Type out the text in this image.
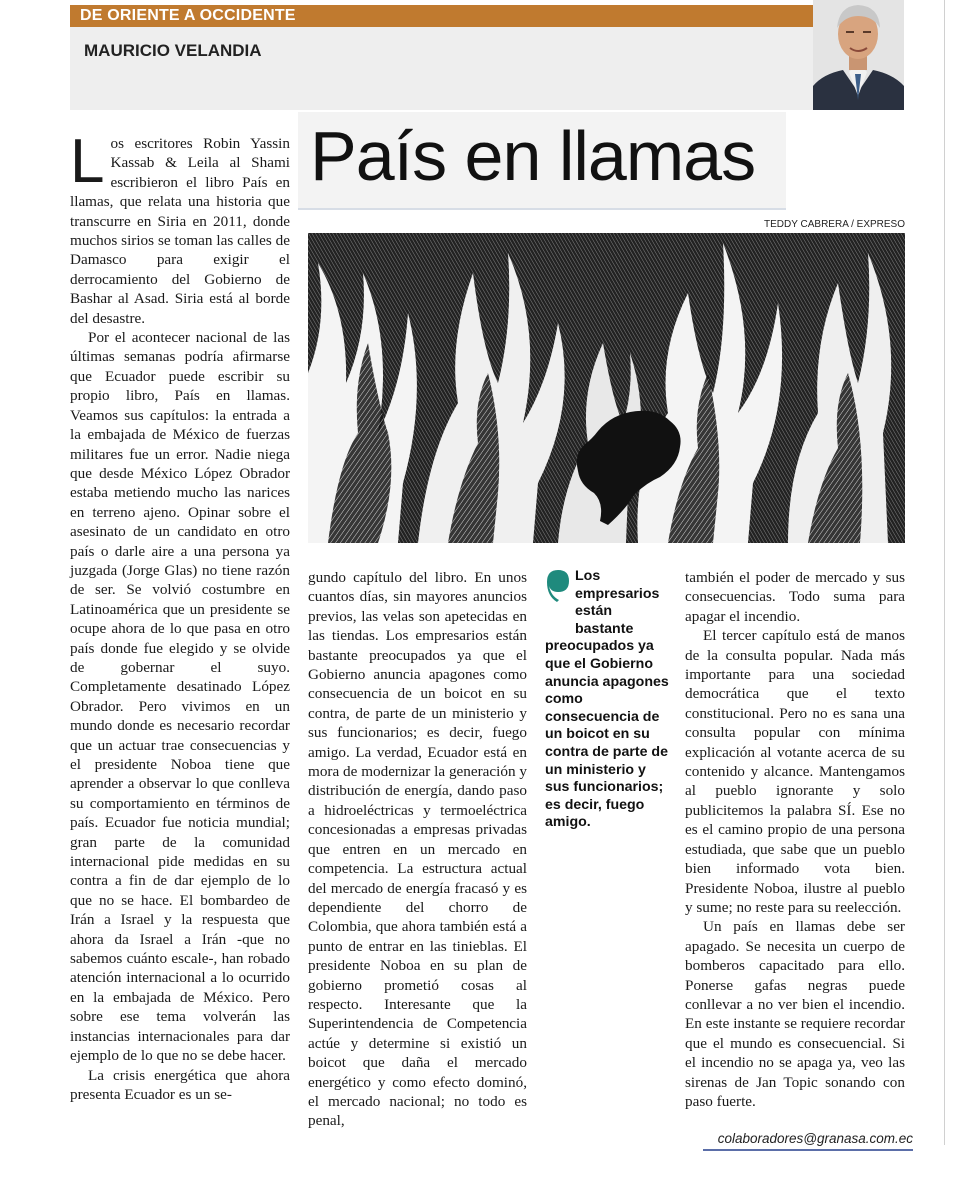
DE ORIENTE A OCCIDENTE
MAURICIO VELANDIA
País en llamas
TEDDY CABRERA / EXPRESO

Los escritores Robin Yassin Kassab & Leila al Shami escribieron el libro País en llamas, que relata una historia que transcurre en Siria en 2011, donde muchos sirios se toman las calles de Damasco para exigir el derrocamiento del Gobierno de Bashar al Asad. Siria está al borde del desastre.

Por el acontecer nacional de las últimas semanas podría afirmarse que Ecuador puede escribir su propio libro, País en llamas. Veamos sus capítulos: la entrada a la embajada de México de fuerzas militares fue un error. Nadie niega que desde México López Obrador estaba metiendo mucho las narices en terreno ajeno. Opinar sobre el asesinato de un candidato en otro país o darle aire a una persona ya juzgada (Jorge Glas) no tiene razón de ser. Se volvió costumbre en Latinoamérica que un presidente se ocupe ahora de lo que pasa en otro país donde fue elegido y se olvide de gobernar el suyo. Completamente desatinado López Obrador. Pero vivimos en un mundo donde es necesario recordar que un actuar trae consecuencias y el presidente Noboa tiene que aprender a observar lo que conlleva su comportamiento en términos de país. Ecuador fue noticia mundial; gran parte de la comunidad internacional pide medidas en su contra a fin de dar ejemplo de lo que no se hace. El bombardeo de Irán a Israel y la respuesta que ahora da Israel a Irán -que no sabemos cuánto escale-, han robado atención internacional a lo ocurrido en la embajada de México. Pero sobre ese tema volverán las instancias internacionales para dar ejemplo de lo que no se debe hacer.

La crisis energética que ahora presenta Ecuador es un se-

gundo capítulo del libro. En unos cuantos días, sin mayores anuncios previos, las velas son apetecidas en las tiendas. Los empresarios están bastante preocupados ya que el Gobierno anuncia apagones como consecuencia de un boicot en su contra, de parte de un ministerio y sus funcionarios; es decir, fuego amigo. La verdad, Ecuador está en mora de modernizar la generación y distribución de energía, dando paso a hidroeléctricas y termoeléctrica concesionadas a empresas privadas que entren en un mercado en competencia. La estructura actual del mercado de energía fracasó y es dependiente del chorro de Colombia, que ahora también está a punto de entrar en las tinieblas. El presidente Noboa en su plan de gobierno prometió cosas al respecto. Interesante que la Superintendencia de Competencia actúe y determine si existió un boicot que daña el mercado energético y como efecto dominó, el mercado nacional; no todo es penal,

Los empresarios están bastante
preocupados ya que el Gobierno anuncia apagones como consecuencia de un boicot en su contra de parte de un ministerio y sus funcionarios; es decir, fuego amigo.

también el poder de mercado y sus consecuencias. Todo suma para apagar el incendio.

El tercer capítulo está de manos de la consulta popular. Nada más importante para una sociedad democrática que el texto constitucional. Pero no es sana una consulta popular con mínima explicación al votante acerca de su contenido y alcance. Mantengamos al pueblo ignorante y solo publicitemos la palabra SÍ. Ese no es el camino propio de una persona estudiada, que sabe que un pueblo bien informado vota bien. Presidente Noboa, ilustre al pueblo y sume; no reste para su reelección.

Un país en llamas debe ser apagado. Se necesita un cuerpo de bomberos capacitado para ello. Ponerse gafas negras puede conllevar a no ver bien el incendio. En este instante se requiere recordar que el mundo es consecuencial. Si el incendio no se apaga ya, veo las sirenas de Jan Topic sonando con paso fuerte.

colaboradores@granasa.com.ec
